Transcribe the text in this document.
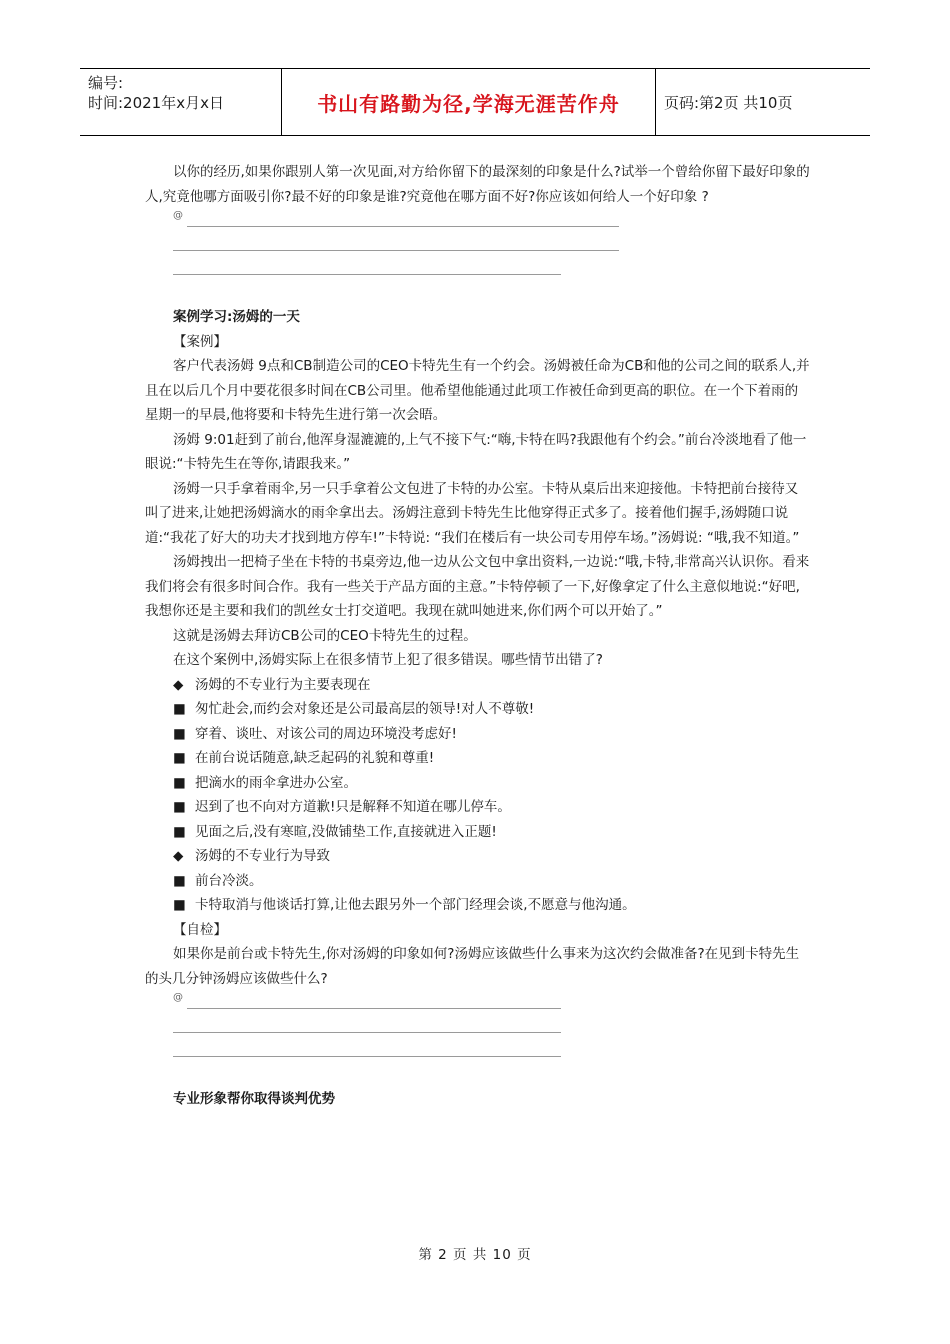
编号:
时间:2021年x月x日	书山有路勤为径,学海无涯苦作舟	页码:第2页 共10页

以你的经历,如果你跟别人第一次见面,对方给你留下的最深刻的印象是什么?试举一个曾给你留下最好印象的人,究竟他哪方面吸引你?最不好的印象是谁?究竟他在哪方面不好?你应该如何给人一个好印象 ?

@

案例学习:汤姆的一天

【案例】

客户代表汤姆 9点和CB制造公司的CEO卡特先生有一个约会。汤姆被任命为CB和他的公司之间的联系人,并且在以后几个月中要花很多时间在CB公司里。他希望他能通过此项工作被任命到更高的职位。在一个下着雨的星期一的早晨,他将要和卡特先生进行第一次会晤。

汤姆 9:01赶到了前台,他浑身湿漉漉的,上气不接下气:“嗨,卡特在吗?我跟他有个约会。”前台冷淡地看了他一眼说:“卡特先生在等你,请跟我来。”

汤姆一只手拿着雨伞,另一只手拿着公文包进了卡特的办公室。卡特从桌后出来迎接他。卡特把前台接待又叫了进来,让她把汤姆滴水的雨伞拿出去。汤姆注意到卡特先生比他穿得正式多了。接着他们握手,汤姆随口说道:“我花了好大的功夫才找到地方停车!”卡特说: “我们在楼后有一块公司专用停车场。”汤姆说: “哦,我不知道。”

汤姆拽出一把椅子坐在卡特的书桌旁边,他一边从公文包中拿出资料,一边说:“哦,卡特,非常高兴认识你。看来我们将会有很多时间合作。我有一些关于产品方面的主意。”卡特停顿了一下,好像拿定了什么主意似地说:“好吧,我想你还是主要和我们的凯丝女士打交道吧。我现在就叫她进来,你们两个可以开始了。”

这就是汤姆去拜访CB公司的CEO卡特先生的过程。

在这个案例中,汤姆实际上在很多情节上犯了很多错误。哪些情节出错了?

◆ 汤姆的不专业行为主要表现在

■ 匆忙赴会,而约会对象还是公司最高层的领导!对人不尊敬!

■ 穿着、谈吐、对该公司的周边环境没考虑好!

■ 在前台说话随意,缺乏起码的礼貌和尊重!

■ 把滴水的雨伞拿进办公室。

■ 迟到了也不向对方道歉!只是解释不知道在哪儿停车。

■ 见面之后,没有寒暄,没做铺垫工作,直接就进入正题!

◆ 汤姆的不专业行为导致

■ 前台冷淡。

■ 卡特取消与他谈话打算,让他去跟另外一个部门经理会谈,不愿意与他沟通。

【自检】

如果你是前台或卡特先生,你对汤姆的印象如何?汤姆应该做些什么事来为这次约会做准备?在见到卡特先生的头几分钟汤姆应该做些什么?

@

专业形象帮你取得谈判优势

第 2 页 共 10 页
